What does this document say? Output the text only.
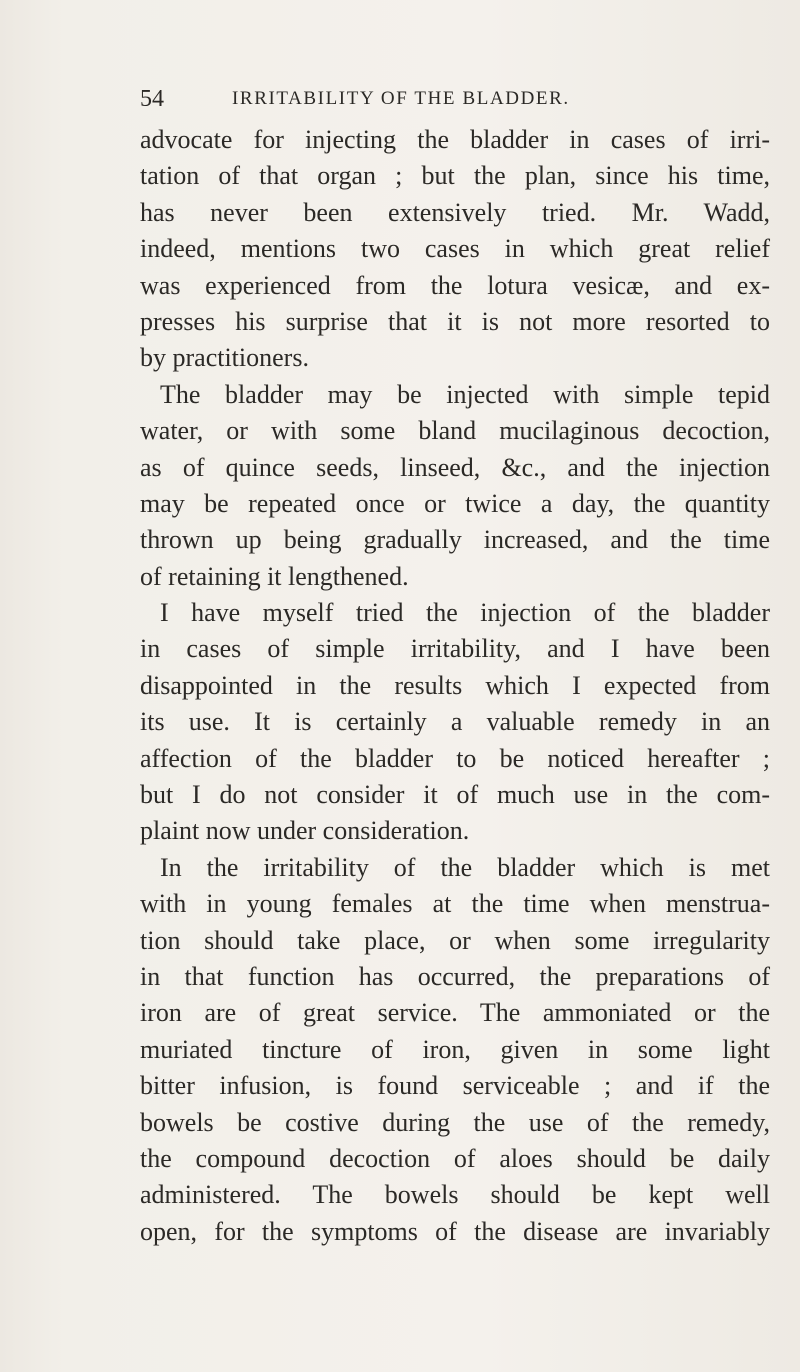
54	IRRITABILITY OF THE BLADDER.
advocate for injecting the bladder in cases of irri-
tation of that organ ; but the plan, since his time,
has never been extensively tried. Mr. Wadd,
indeed, mentions two cases in which great relief
was experienced from the lotura vesicæ, and ex-
presses his surprise that it is not more resorted to
by practitioners.
The bladder may be injected with simple tepid
water, or with some bland mucilaginous decoction,
as of quince seeds, linseed, &c., and the injection
may be repeated once or twice a day, the quantity
thrown up being gradually increased, and the time
of retaining it lengthened.
I have myself tried the injection of the bladder
in cases of simple irritability, and I have been
disappointed in the results which I expected from
its use. It is certainly a valuable remedy in an
affection of the bladder to be noticed hereafter ;
but I do not consider it of much use in the com-
plaint now under consideration.
In the irritability of the bladder which is met
with in young females at the time when menstrua-
tion should take place, or when some irregularity
in that function has occurred, the preparations of
iron are of great service. The ammoniated or the
muriated tincture of iron, given in some light
bitter infusion, is found serviceable ; and if the
bowels be costive during the use of the remedy,
the compound decoction of aloes should be daily
administered. The bowels should be kept well
open, for the symptoms of the disease are invariably
